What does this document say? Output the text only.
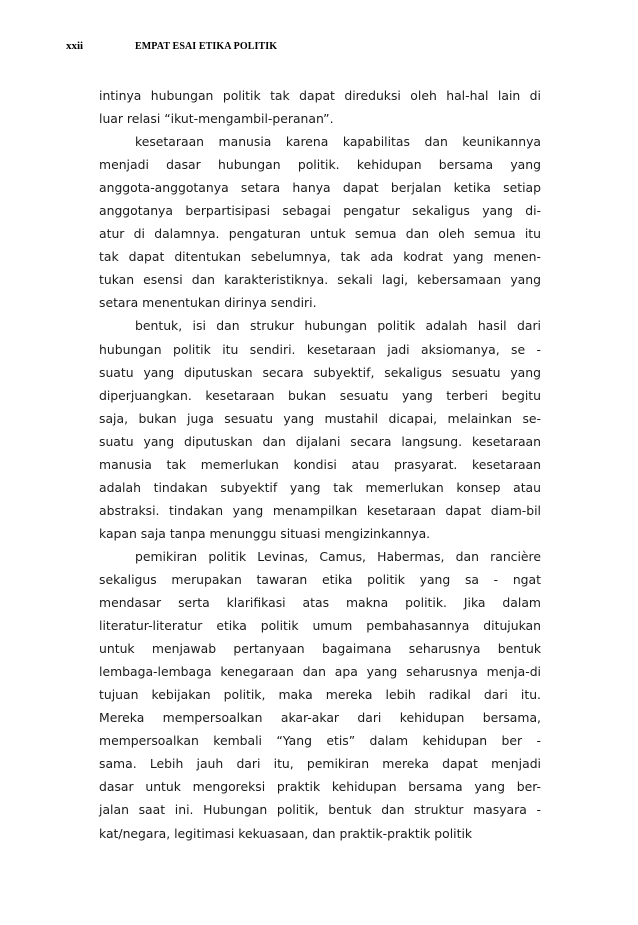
xxii	EMPAT ESAI ETIKA POLITIK
intinya hubungan politik tak dapat direduksi oleh hal-hal lain di
luar relasi “ikut-mengambil-peranan”.
kesetaraan manusia karena kapabilitas dan keunikannya
menjadi dasar hubungan politik. kehidupan bersama yang
anggota-anggotanya setara hanya dapat berjalan ketika setiap
anggotanya berpartisipasi sebagai pengatur sekaligus yang di-
atur di dalamnya. pengaturan untuk semua dan oleh semua itu
tak dapat ditentukan sebelumnya, tak ada kodrat yang menen-
tukan esensi dan karakteristiknya. sekali lagi, kebersamaan yang
setara menentukan dirinya sendiri.
bentuk, isi dan strukur hubungan politik adalah hasil dari
hubungan politik itu sendiri. kesetaraan jadi aksiomanya, se -
suatu yang diputuskan secara subyektif, sekaligus sesuatu yang
diperjuangkan. kesetaraan bukan sesuatu yang terberi begitu
saja, bukan juga sesuatu yang mustahil dicapai, melainkan se-
suatu yang diputuskan dan dijalani secara langsung. kesetaraan
manusia tak memerlukan kondisi atau prasyarat. kesetaraan
adalah tindakan subyektif yang tak memerlukan konsep atau
abstraksi. tindakan yang menampilkan kesetaraan dapat diam-bil
kapan saja tanpa menunggu situasi mengizinkannya.
pemikiran politik Levinas, Camus, Habermas, dan rancière
sekaligus merupakan tawaran etika politik yang sa - ngat
mendasar serta klarifikasi atas makna politik. Jika dalam
literatur-literatur etika politik umum pembahasannya ditujukan
untuk menjawab pertanyaan bagaimana seharusnya bentuk
lembaga-lembaga kenegaraan dan apa yang seharusnya menja-di
tujuan kebijakan politik, maka mereka lebih radikal dari itu.
Mereka mempersoalkan akar-akar dari kehidupan bersama,
mempersoalkan kembali “Yang etis” dalam kehidupan ber -
sama. Lebih jauh dari itu, pemikiran mereka dapat menjadi
dasar untuk mengoreksi praktik kehidupan bersama yang ber-
jalan saat ini. Hubungan politik, bentuk dan struktur masyara -
kat/negara, legitimasi kekuasaan, dan praktik-praktik politik
